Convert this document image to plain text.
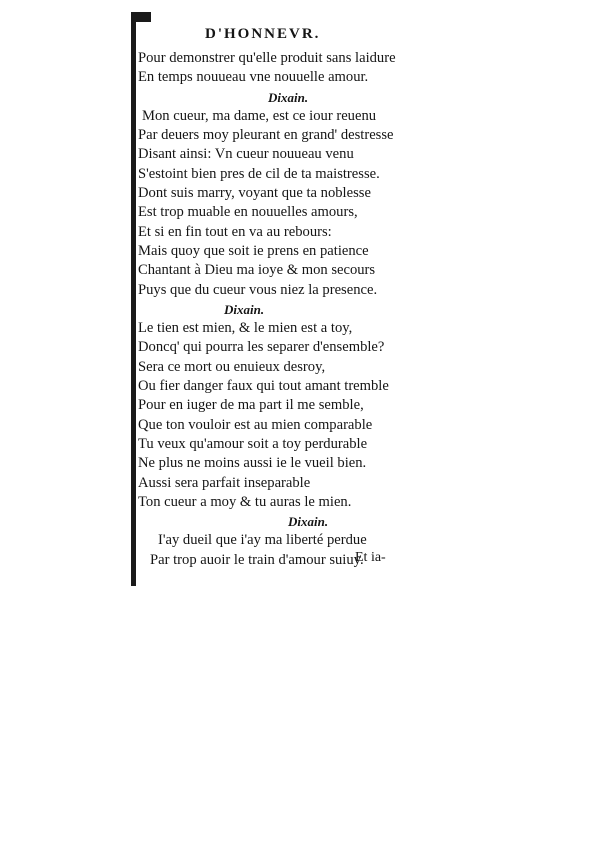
D'HONNEVR.
Pour demonstrer qu'elle produit sans laidure
En temps nouueau vne nouuelle amour.
Dixain.
Mon cueur, ma dame, est ce iour reuenu
Par deuers moy pleurant en grand' destresse
Disant ainsi: Vn cueur nouueau venu
S'estoint bien pres de cil de ta maistresse.
Dont suis marry, voyant que ta noblesse
Est trop muable en nouuelles amours,
Et si en fin tout en va au rebours:
Mais quoy que soit ie prens en patience
Chantant à Dieu ma ioye & mon secours
Puys que du cueur vous niez la presence.
Dixain.
Le tien est mien, & le mien est a toy,
Doncq' qui pourra les separer d'ensemble?
Sera ce mort ou enuieux desroy,
Ou fier danger faux qui tout amant tremble
Pour en iuger de ma part il me semble,
Que ton vouloir est au mien comparable
Tu veux qu'amour soit a toy perdurable
Ne plus ne moins aussi ie le vueil bien.
Aussi sera parfait inseparable
Ton cueur a moy & tu auras le mien.
Dixain.
I'ay dueil que i'ay ma liberté perdue
Par trop auoir le train d'amour suiuy.
Et ia-
